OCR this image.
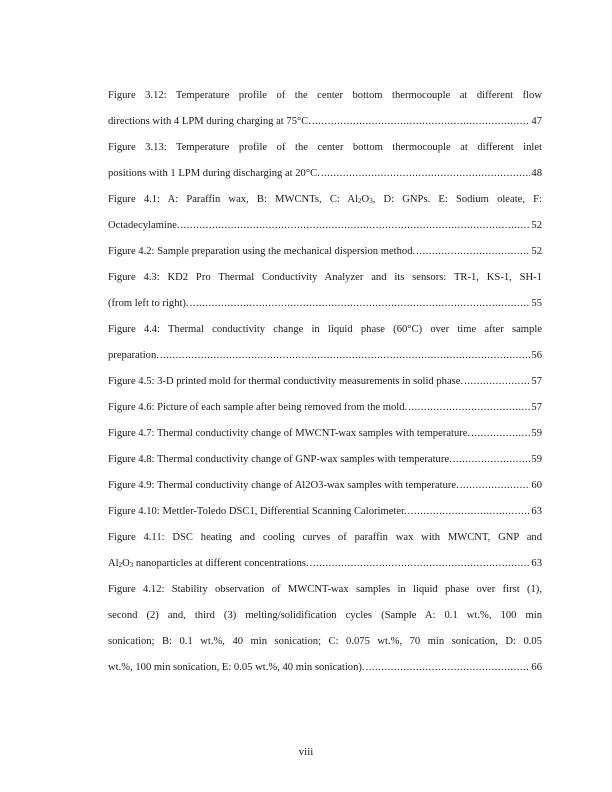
Figure 3.12: Temperature profile of the center bottom thermocouple at different flow
directions with 4 LPM during charging at 75°C. .....	47
Figure 3.13: Temperature profile of the center bottom thermocouple at different inlet
positions with 1 LPM during discharging at 20°C. .....	48
Figure 4.1: A: Paraffin wax, B: MWCNTs, C: $Al_2O_3$, D: GNPs. E: Sodium oleate, F:
Octadecylamine. .....	52
Figure 4.2: Sample preparation using the mechanical dispersion method. .....	52
Figure 4.3: KD2 Pro Thermal Conductivity Analyzer and its sensors: TR-1, KS-1, SH-1
(from left to right). .....	55
Figure 4.4: Thermal conductivity change in liquid phase (60°C) over time after sample
preparation. .....	56
Figure 4.5: 3-D printed mold for thermal conductivity measurements in solid phase. .....	57
Figure 4.6: Picture of each sample after being removed from the mold. .....	57
Figure 4.7: Thermal conductivity change of MWCNT-wax samples with temperature. .....	59
Figure 4.8: Thermal conductivity change of GNP-wax samples with temperature. .....	59
Figure 4.9: Thermal conductivity change of Al2O3-wax samples with temperature. .....	60
Figure 4.10: Mettler-Toledo DSC1, Differential Scanning Calorimeter. .....	63
Figure 4.11: DSC heating and cooling curves of paraffin wax with MWCNT, GNP and
$Al_2O_3$ nanoparticles at different concentrations. .....	63
Figure 4.12: Stability observation of MWCNT-wax samples in liquid phase over first (1),
second (2) and, third (3) melting/solidification cycles (Sample A: 0.1 wt.%, 100 min
sonication; B: 0.1 wt.%, 40 min sonication; C: 0.075 wt.%, 70 min sonication, D: 0.05
wt.%, 100 min sonication, E: 0.05 wt.%, 40 min sonication). .....	66
viii
